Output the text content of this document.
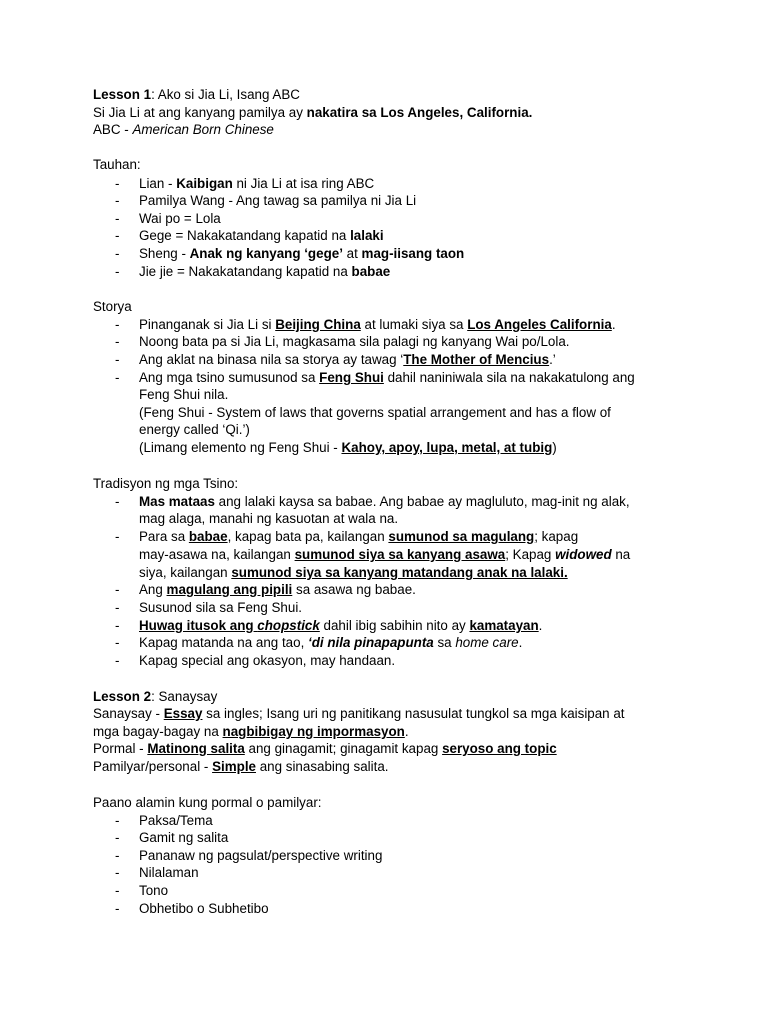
Lesson 1: Ako si Jia Li, Isang ABC
Si Jia Li at ang kanyang pamilya ay nakatira sa Los Angeles, California.
ABC - American Born Chinese
Tauhan:
- Lian - Kaibigan ni Jia Li at isa ring ABC
- Pamilya Wang - Ang tawag sa pamilya ni Jia Li
- Wai po = Lola
- Gege = Nakakatandang kapatid na lalaki
- Sheng - Anak ng kanyang ‘gege’ at mag-iisang taon
- Jie jie = Nakakatandang kapatid na babae
Storya
- Pinanganak si Jia Li si Beijing China at lumaki siya sa Los Angeles California.
- Noong bata pa si Jia Li, magkasama sila palagi ng kanyang Wai po/Lola.
- Ang aklat na binasa nila sa storya ay tawag ‘The Mother of Mencius.’
- Ang mga tsino sumusunod sa Feng Shui dahil naniniwala sila na nakakatulong ang
Feng Shui nila.
(Feng Shui - System of laws that governs spatial arrangement and has a flow of
energy called ‘Qi.’)
(Limang elemento ng Feng Shui - Kahoy, apoy, lupa, metal, at tubig)
Tradisyon ng mga Tsino:
- Mas mataas ang lalaki kaysa sa babae. Ang babae ay magluluto, mag-init ng alak,
mag alaga, manahi ng kasuotan at wala na.
- Para sa babae, kapag bata pa, kailangan sumunod sa magulang; kapag
may-asawa na, kailangan sumunod siya sa kanyang asawa; Kapag widowed na
siya, kailangan sumunod siya sa kanyang matandang anak na lalaki.
- Ang magulang ang pipili sa asawa ng babae.
- Susunod sila sa Feng Shui.
- Huwag itusok ang chopstick dahil ibig sabihin nito ay kamatayan.
- Kapag matanda na ang tao, ‘di nila pinapapunta sa home care.
- Kapag special ang okasyon, may handaan.
Lesson 2: Sanaysay
Sanaysay - Essay sa ingles; Isang uri ng panitikang nasusulat tungkol sa mga kaisipan at
mga bagay-bagay na nagbibigay ng impormasyon.
Pormal - Matinong salita ang ginagamit; ginagamit kapag seryoso ang topic
Pamilyar/personal - Simple ang sinasabing salita.
Paano alamin kung pormal o pamilyar:
- Paksa/Tema
- Gamit ng salita
- Pananaw ng pagsulat/perspective writing
- Nilalaman
- Tono
- Obhetibo o Subhetibo
